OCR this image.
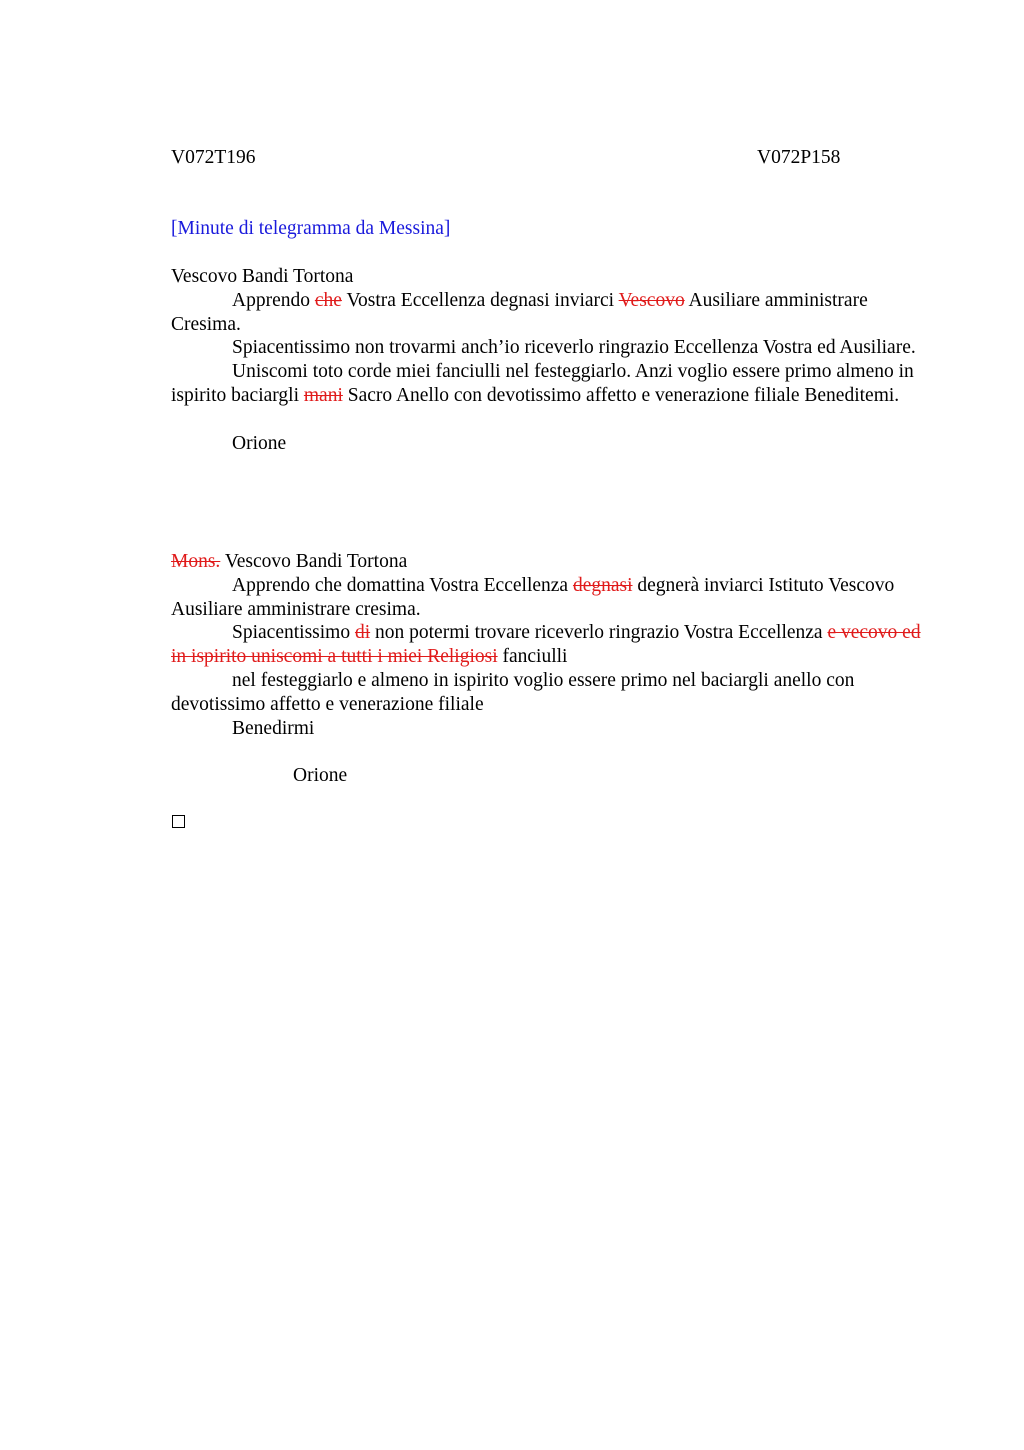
V072T196	V072P158
[Minute di telegramma da Messina]

Vescovo Bandi Tortona

Apprendo che Vostra Eccellenza degnasi inviarci Vescovo Ausiliare amministrare Cresima.

Spiacentissimo non trovarmi anch’io riceverlo ringrazio Eccellenza Vostra ed Ausiliare.

Uniscomi toto corde miei fanciulli nel festeggiarlo. Anzi voglio essere primo almeno in ispirito baciargli mani Sacro Anello con devotissimo affetto e venerazione filiale Beneditemi.

Orione

Mons. Vescovo Bandi Tortona

Apprendo che domattina Vostra Eccellenza degnasi degnerà inviarci Istituto Vescovo Ausiliare amministrare cresima.

Spiacentissimo di non potermi trovare riceverlo ringrazio Vostra Eccellenza e vecovo ed in ispirito uniscomi a tutti i miei Religiosi fanciulli

nel festeggiarlo e almeno in ispirito voglio essere primo nel baciargli anello con devotissimo affetto e venerazione filiale

Benedirmi

Orione
